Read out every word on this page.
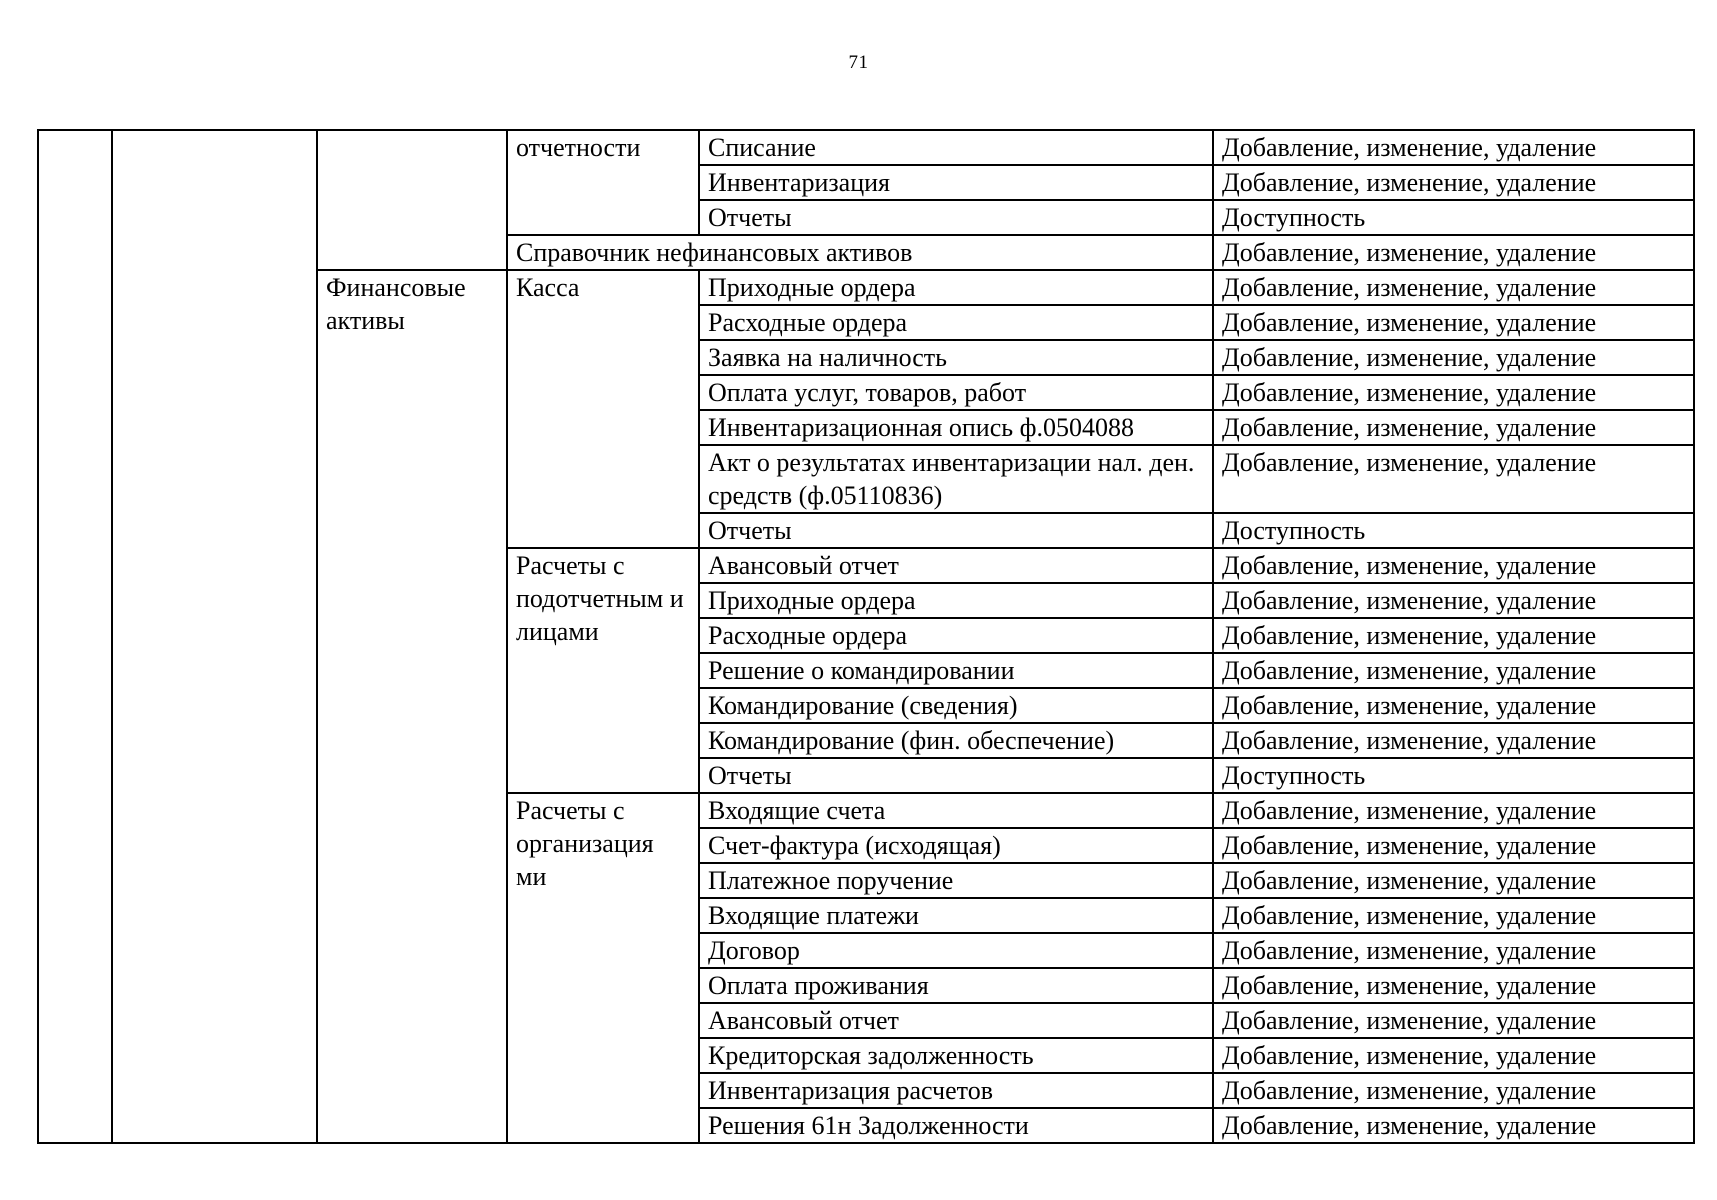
71
			отчетности	Списание	Добавление, изменение, удаление
				Инвентаризация	Добавление, изменение, удаление
				Отчеты	Доступность
			Справочник нефинансовых активов		Добавление, изменение, удаление
		Финансовые активы	Касса	Приходные ордера	Добавление, изменение, удаление
				Расходные ордера	Добавление, изменение, удаление
				Заявка на наличность	Добавление, изменение, удаление
				Оплата услуг, товаров, работ	Добавление, изменение, удаление
				Инвентаризационная опись ф.0504088	Добавление, изменение, удаление
				Акт о результатах инвентаризации нал. ден. средств (ф.05110836)	Добавление, изменение, удаление
				Отчеты	Доступность
			Расчеты с подотчетным и лицами	Авансовый отчет	Добавление, изменение, удаление
				Приходные ордера	Добавление, изменение, удаление
				Расходные ордера	Добавление, изменение, удаление
				Решение о командировании	Добавление, изменение, удаление
				Командирование (сведения)	Добавление, изменение, удаление
				Командирование (фин. обеспечение)	Добавление, изменение, удаление
				Отчеты	Доступность
			Расчеты с организация ми	Входящие счета	Добавление, изменение, удаление
				Счет-фактура (исходящая)	Добавление, изменение, удаление
				Платежное поручение	Добавление, изменение, удаление
				Входящие платежи	Добавление, изменение, удаление
				Договор	Добавление, изменение, удаление
				Оплата проживания	Добавление, изменение, удаление
				Авансовый отчет	Добавление, изменение, удаление
				Кредиторская задолженность	Добавление, изменение, удаление
				Инвентаризация расчетов	Добавление, изменение, удаление
				Решения 61н Задолженности	Добавление, изменение, удаление
